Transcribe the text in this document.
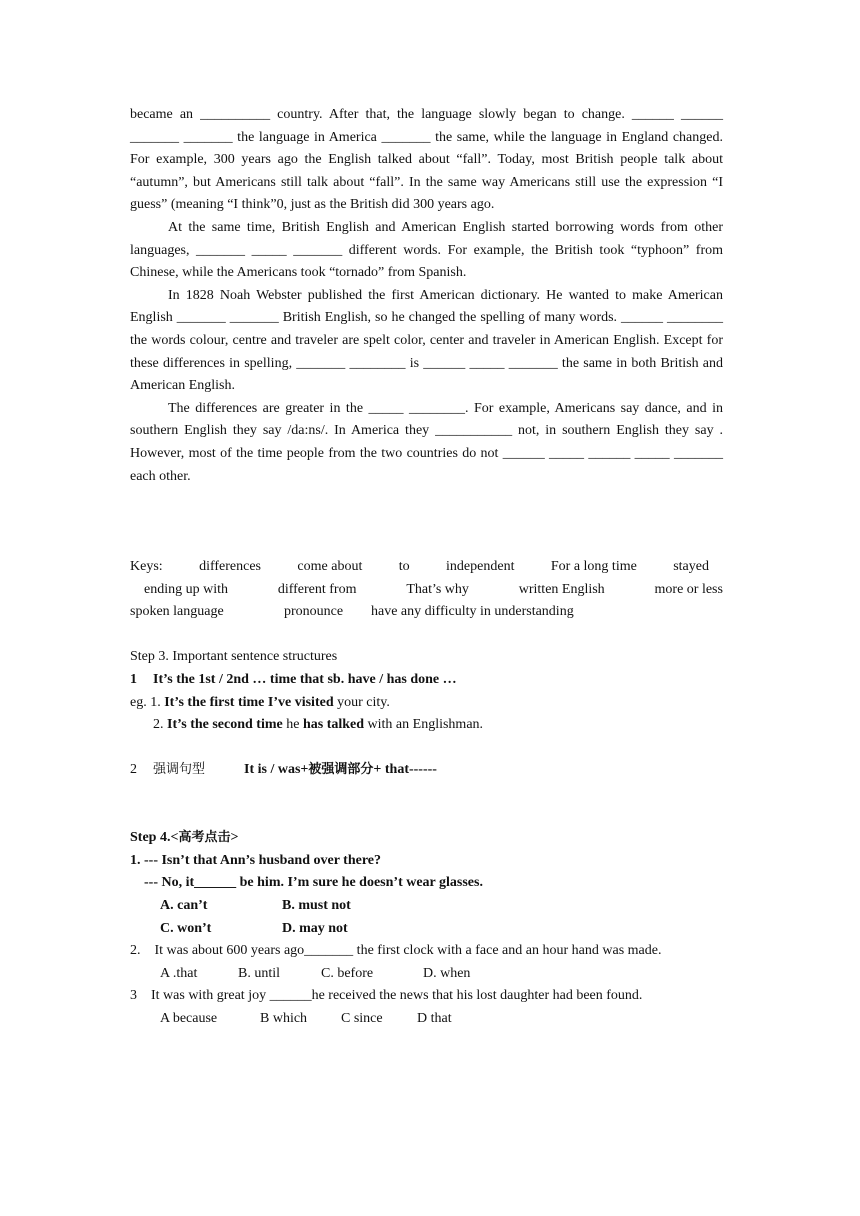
became an __________ country. After that, the language slowly began to change. ______ ______ _______ _______ the language in America _______ the same, while the language in England changed. For example, 300 years ago the English talked about “fall”. Today, most British people talk about “autumn”, but Americans still talk about “fall”. In the same way Americans still use the expression “I guess” (meaning “I think”0, just as the British did 300 years ago.

At the same time, British English and American English started borrowing words from other languages, _______ _____ _______ different words. For example, the British took “typhoon” from Chinese, while the Americans took “tornado” from Spanish.

In 1828 Noah Webster published the first American dictionary. He wanted to make American English _______ _______ British English, so he changed the spelling of many words. ______ ________ the words colour, centre and traveler are spelt color, center and traveler in American English. Except for these differences in spelling, _______ ________ is ______ _____ _______ the same in both British and American English.

The differences are greater in the _____ ________. For example, Americans say dance, and in southern English they say /da:ns/. In America they ___________ not, in southern English they say . However, most of the time people from the two countries do not ______ _____ ______ _____ _______ each other.

Keys:	differences	come about	to	independent	For a long time	stayed
ending up with	different from	That’s why	written English	more or less
spoken language	pronounce	have any difficulty in understanding
Step 3. Important sentence structures
1 It’s the 1st / 2nd … time that sb. have / has done …
eg. 1. It’s the first time I’ve visited your city.
2. It’s the second time he has talked with an Englishman.
2 强调句型	It is / was+被强调部分+ that------
Step 4.<高考点击>
1. --- Isn’t that Ann’s husband over there?
--- No, it______ be him. I’m sure he doesn’t wear glasses.
A. can’t	B. must not
C. won’t	D. may not
2.    It was about 600 years ago_______ the first clock with a face and an hour hand was made.
A .that	B. until	C. before	D. when
3    It was with great joy ______he received the news that his lost daughter had been found.
A because	B which C since D that
